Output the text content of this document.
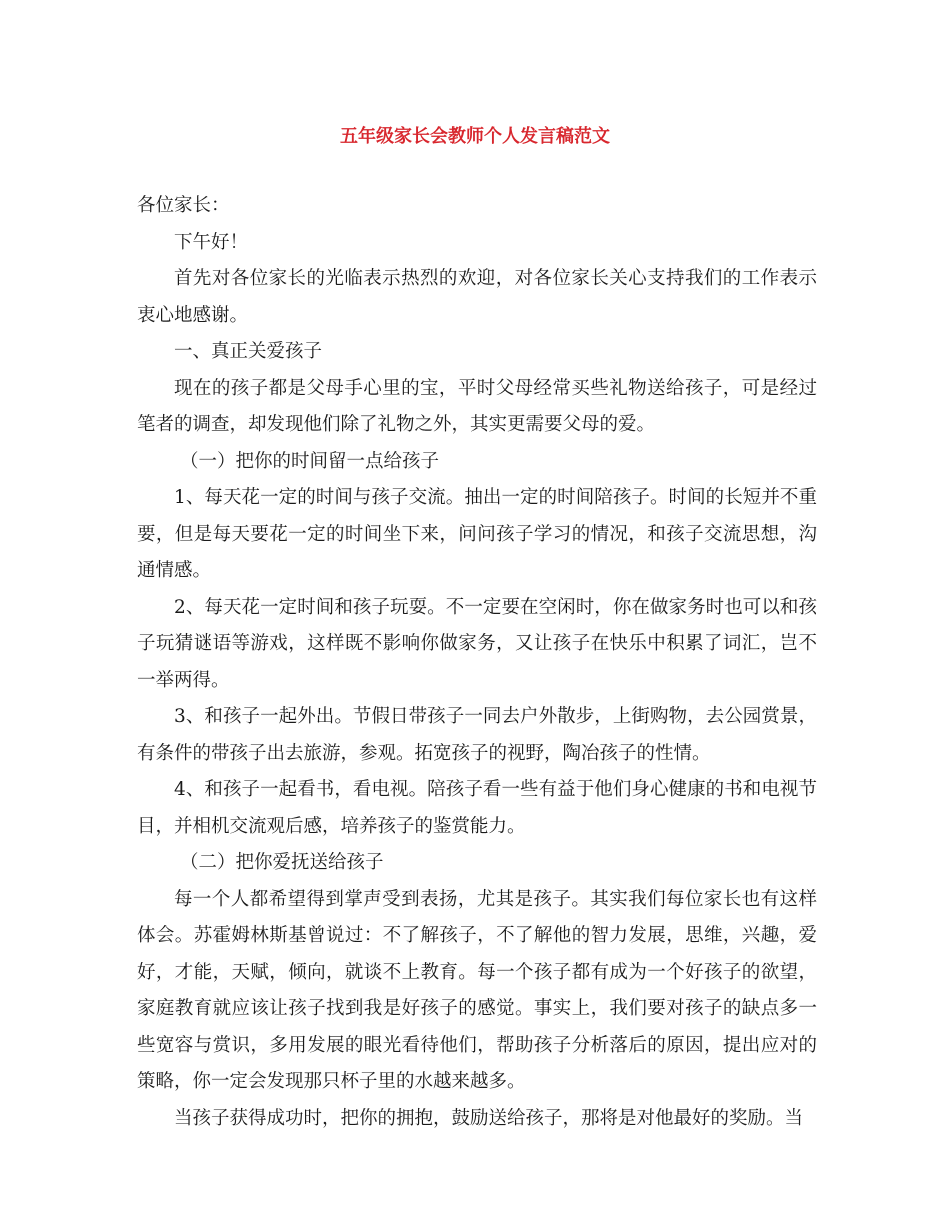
五年级家长会教师个人发言稿范文

各位家长：

下午好！

首先对各位家长的光临表示热烈的欢迎，对各位家长关心支持我们的工作表示衷心地感谢。

一、真正关爱孩子

现在的孩子都是父母手心里的宝，平时父母经常买些礼物送给孩子，可是经过笔者的调查，却发现他们除了礼物之外，其实更需要父母的爱。

（一）把你的时间留一点给孩子

1、每天花一定的时间与孩子交流。抽出一定的时间陪孩子。时间的长短并不重要，但是每天要花一定的时间坐下来，问问孩子学习的情况，和孩子交流思想，沟通情感。

2、每天花一定时间和孩子玩耍。不一定要在空闲时，你在做家务时也可以和孩子玩猜谜语等游戏，这样既不影响你做家务，又让孩子在快乐中积累了词汇，岂不一举两得。

3、和孩子一起外出。节假日带孩子一同去户外散步，上街购物，去公园赏景，有条件的带孩子出去旅游，参观。拓宽孩子的视野，陶冶孩子的性情。

4、和孩子一起看书，看电视。陪孩子看一些有益于他们身心健康的书和电视节目，并相机交流观后感，培养孩子的鉴赏能力。

（二）把你爱抚送给孩子

每一个人都希望得到掌声受到表扬，尤其是孩子。其实我们每位家长也有这样体会。苏霍姆林斯基曾说过：不了解孩子，不了解他的智力发展，思维，兴趣，爱好，才能，天赋，倾向，就谈不上教育。每一个孩子都有成为一个好孩子的欲望，家庭教育就应该让孩子找到我是好孩子的感觉。事实上，我们要对孩子的缺点多一些宽容与赏识，多用发展的眼光看待他们，帮助孩子分析落后的原因，提出应对的策略，你一定会发现那只杯子里的水越来越多。

当孩子获得成功时，把你的拥抱，鼓励送给孩子，那将是对他最好的奖励。当
